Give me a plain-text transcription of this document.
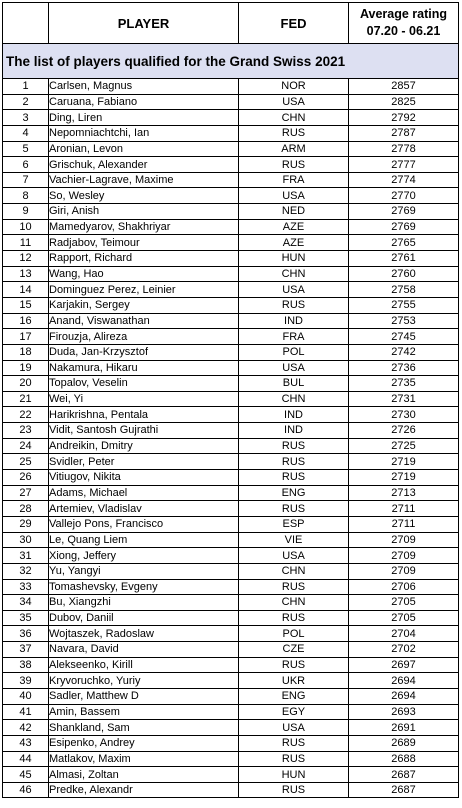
	PLAYER	FED	Average rating
07.20 - 06.21

The list of players qualified for the Grand Swiss 2021			
1	Carlsen, Magnus	NOR	2857
2	Caruana, Fabiano	USA	2825
3	Ding, Liren	CHN	2792
4	Nepomniachtchi, Ian	RUS	2787
5	Aronian, Levon	ARM	2778
6	Grischuk, Alexander	RUS	2777
7	Vachier-Lagrave, Maxime	FRA	2774
8	So, Wesley	USA	2770
9	Giri, Anish	NED	2769
10	Mamedyarov, Shakhriyar	AZE	2769
11	Radjabov, Teimour	AZE	2765
12	Rapport, Richard	HUN	2761
13	Wang, Hao	CHN	2760
14	Dominguez Perez, Leinier	USA	2758
15	Karjakin, Sergey	RUS	2755
16	Anand, Viswanathan	IND	2753
17	Firouzja, Alireza	FRA	2745
18	Duda, Jan-Krzysztof	POL	2742
19	Nakamura, Hikaru	USA	2736
20	Topalov, Veselin	BUL	2735
21	Wei, Yi	CHN	2731
22	Harikrishna, Pentala	IND	2730
23	Vidit, Santosh Gujrathi	IND	2726
24	Andreikin, Dmitry	RUS	2725
25	Svidler, Peter	RUS	2719
26	Vitiugov, Nikita	RUS	2719
27	Adams, Michael	ENG	2713
28	Artemiev, Vladislav	RUS	2711
29	Vallejo Pons, Francisco	ESP	2711
30	Le, Quang Liem	VIE	2709
31	Xiong, Jeffery	USA	2709
32	Yu, Yangyi	CHN	2709
33	Tomashevsky, Evgeny	RUS	2706
34	Bu, Xiangzhi	CHN	2705
35	Dubov, Daniil	RUS	2705
36	Wojtaszek, Radoslaw	POL	2704
37	Navara, David	CZE	2702
38	Alekseenko, Kirill	RUS	2697
39	Kryvoruchko, Yuriy	UKR	2694
40	Sadler, Matthew D	ENG	2694
41	Amin, Bassem	EGY	2693
42	Shankland, Sam	USA	2691
43	Esipenko, Andrey	RUS	2689
44	Matlakov, Maxim	RUS	2688
45	Almasi, Zoltan	HUN	2687
46	Predke, Alexandr	RUS	2687
